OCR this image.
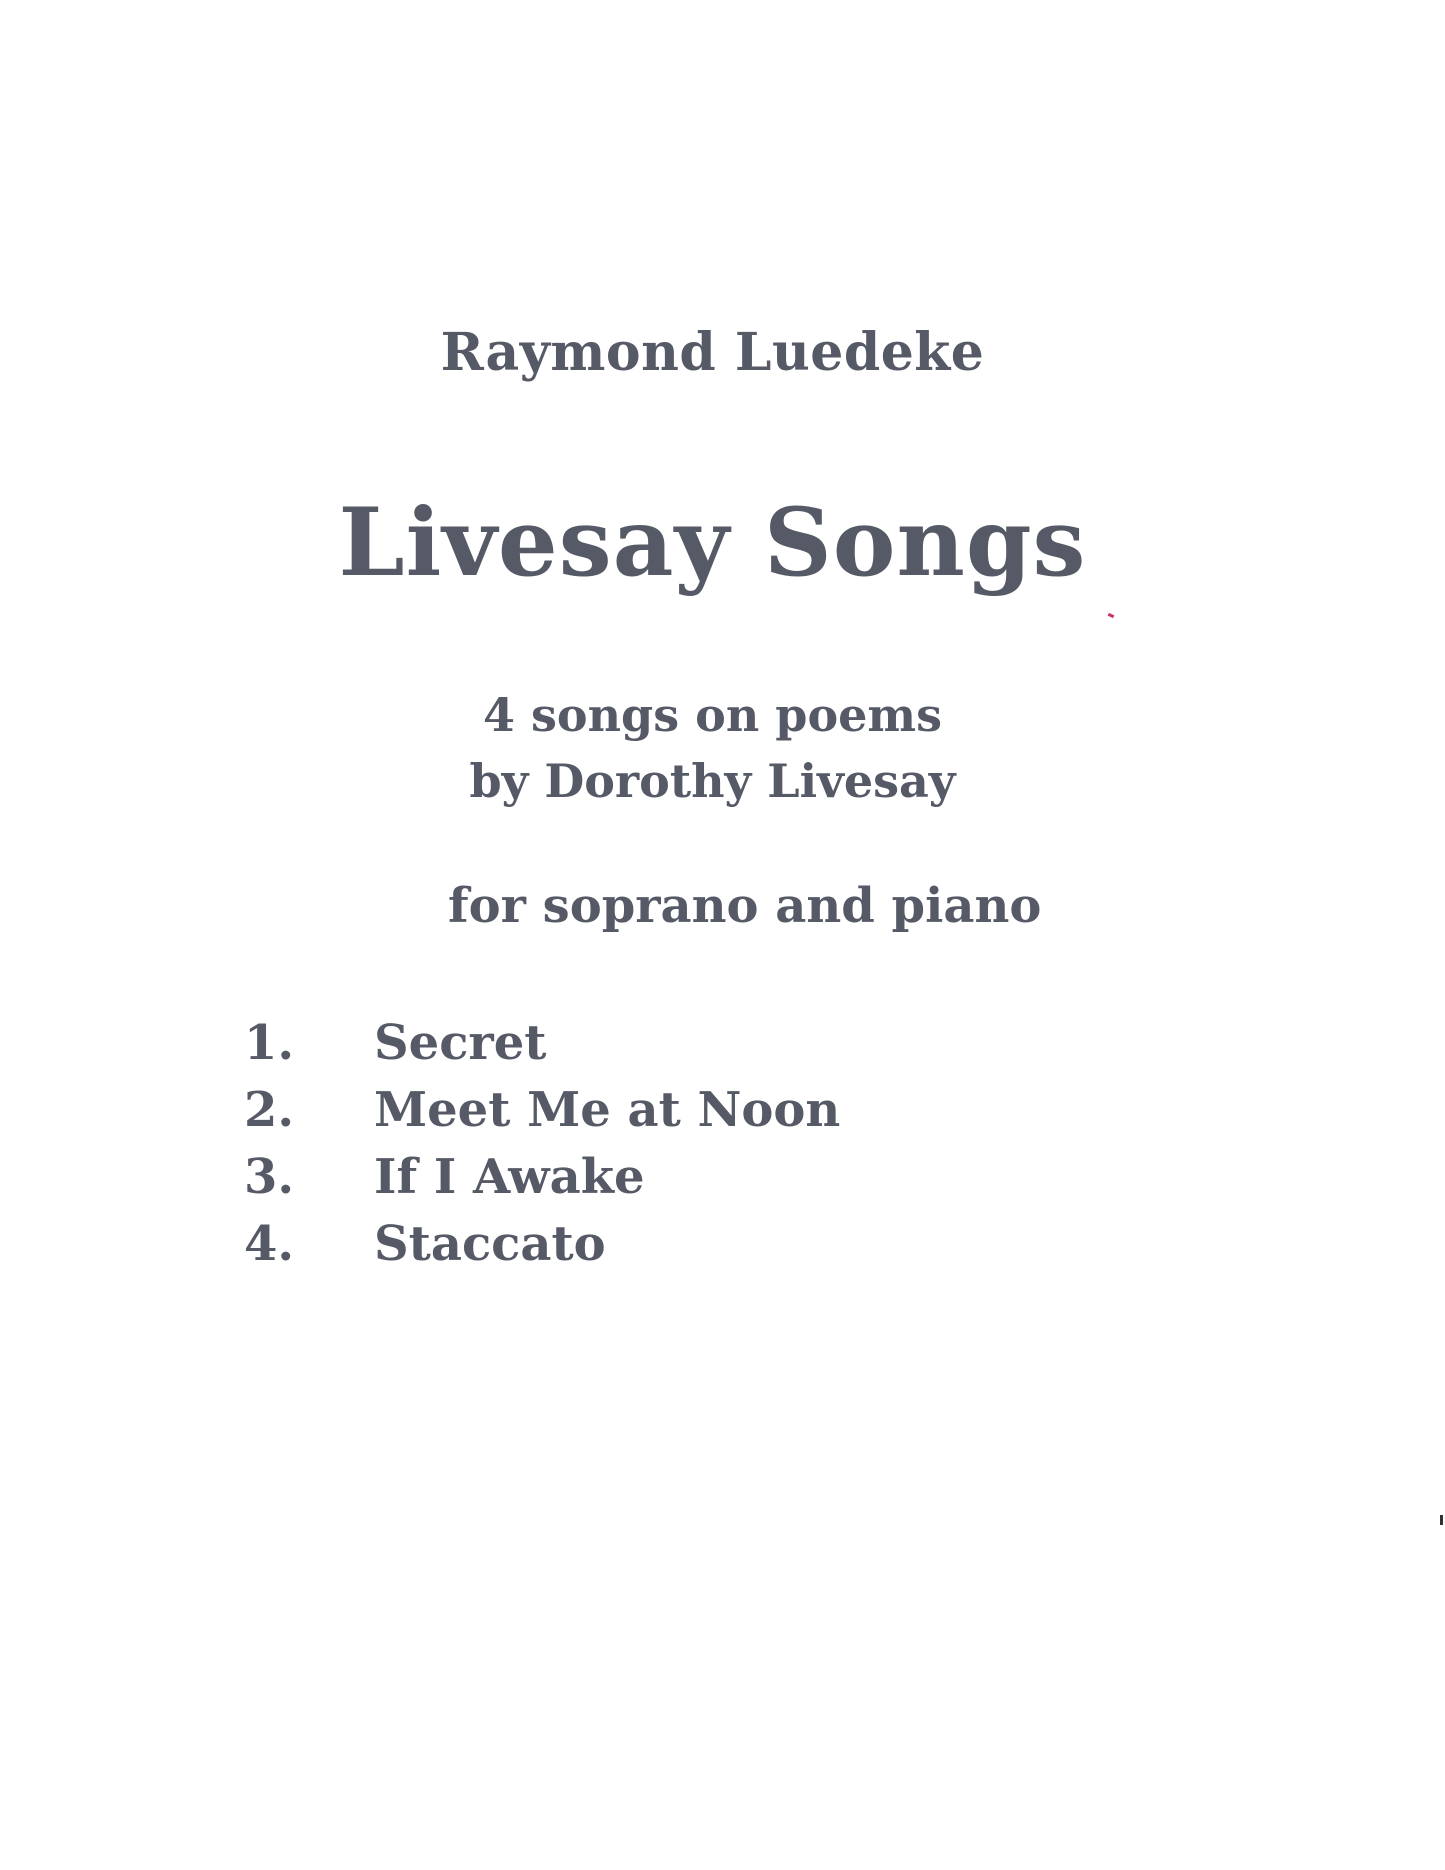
Raymond Luedeke
Livesay Songs
4 songs on poems
by Dorothy Livesay
for soprano and piano
1.	Secret
2.	Meet Me at Noon
3.	If I Awake
4.	Staccato
